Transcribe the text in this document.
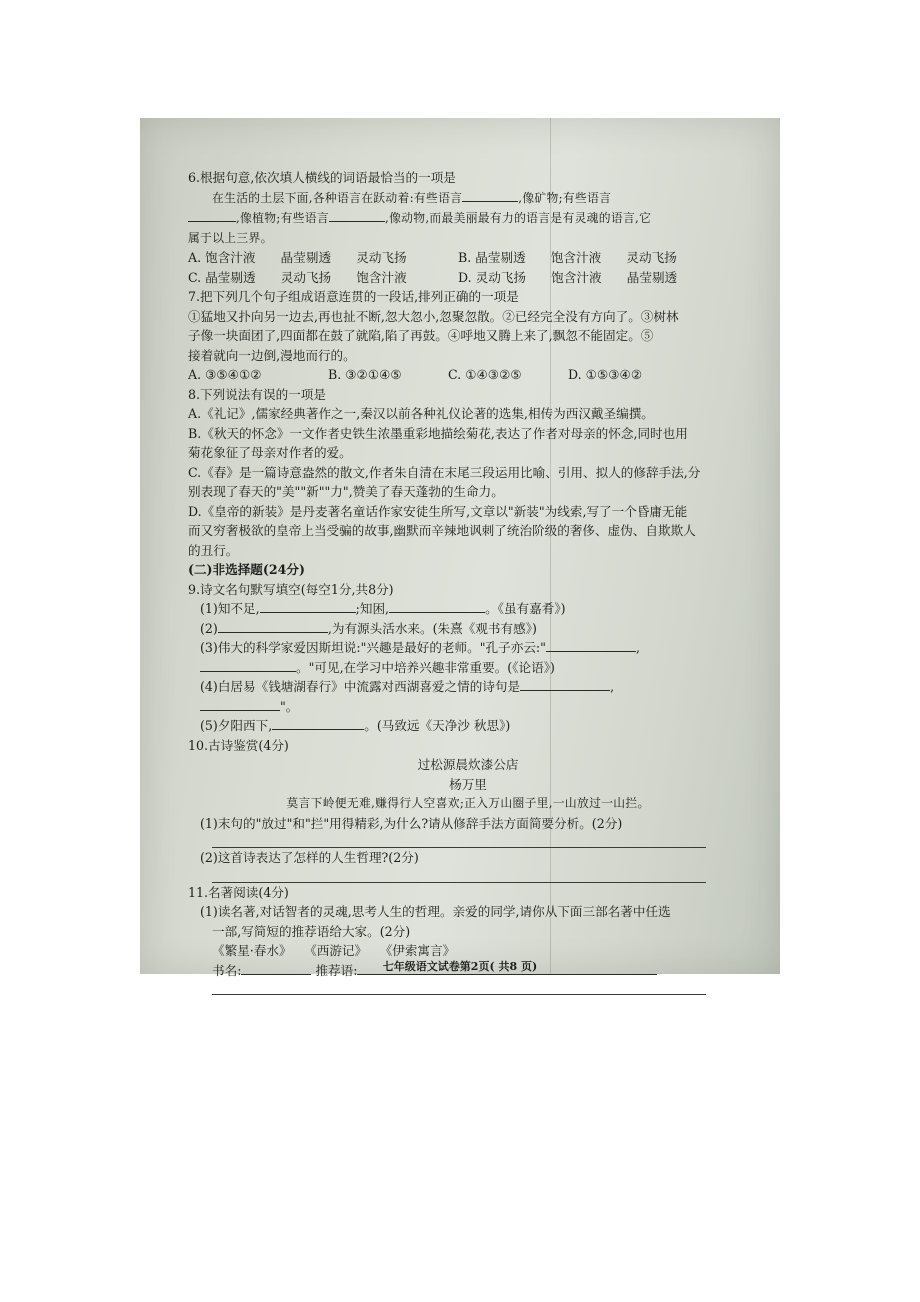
6.根据句意,依次填人横线的词语最恰当的一项是
在生活的土层下面,各种语言在跃动着:有些语言	,像矿物;有些语言
,像植物;有些语言	,像动物,而最美丽最有力的语言是有灵魂的语言,它
属于以上三界。
A. 饱含汁液　　晶莹剔透　　灵动飞扬	B. 晶莹剔透　　饱含汁液　　灵动飞扬
C. 晶莹剔透　　灵动飞扬　　饱含汁液	D. 灵动飞扬　　饱含汁液　　晶莹剔透
7.把下列几个句子组成语意连贯的一段话,排列正确的一项是
①猛地又扑向另一边去,再也扯不断,忽大忽小,忽聚忽散。②已经完全没有方向了。③树林
子像一块面团了,四面都在鼓了就陷,陷了再鼓。④呼地又腾上来了,飘忽不能固定。⑤
接着就向一边倒,漫地而行的。
A. ③⑤④①②	B. ③②①④⑤	C. ①④③②⑤	D. ①⑤③④②
8.下列说法有误的一项是
A.《礼记》,儒家经典著作之一,秦汉以前各种礼仪论著的选集,相传为西汉戴圣编撰。
B.《秋天的怀念》一文作者史铁生浓墨重彩地描绘菊花,表达了作者对母亲的怀念,同时也用
菊花象征了母亲对作者的爱。
C.《春》是一篇诗意盎然的散文,作者朱自清在末尾三段运用比喻、引用、拟人的修辞手法,分
别表现了春天的"美""新""力",赞美了春天蓬勃的生命力。
D.《皇帝的新装》是丹麦著名童话作家安徒生所写,文章以"新装"为线索,写了一个昏庸无能
而又穷奢极欲的皇帝上当受骗的故事,幽默而辛辣地讽刺了统治阶级的奢侈、虚伪、自欺欺人
的丑行。
(二)非选择题(24分)
9.诗文名句默写填空(每空1分,共8分)
(1)知不足,	;知困,	。《虽有嘉肴》)
(2)	,为有源头活水来。(朱熹《观书有感》)
(3)伟大的科学家爱因斯坦说:"兴趣是最好的老师。"孔子亦云:"	,
。"可见,在学习中培养兴趣非常重要。(《论语》)
(4)白居易《钱塘湖春行》中流露对西湖喜爱之情的诗句是	,
"。
(5)夕阳西下,	。(马致远《天净沙 秋思》)
10.古诗鉴赏(4分)
过松源晨炊漆公店
杨万里
莫言下岭便无难,赚得行人空喜欢;正入万山圈子里,一山放过一山拦。
(1)末句的"放过"和"拦"用得精彩,为什么?请从修辞手法方面简要分析。(2分)
(2)这首诗表达了怎样的人生哲理?(2分)
11.名著阅读(4分)
(1)读名著,对话智者的灵魂,思考人生的哲理。亲爱的同学,请你从下面三部名著中任选
一部,写简短的推荐语给大家。(2分)
《繁星·春水》　　《西游记》　　《伊索寓言》
书名:	推荐语:	七年级语文试卷第2页( 共8 页)
